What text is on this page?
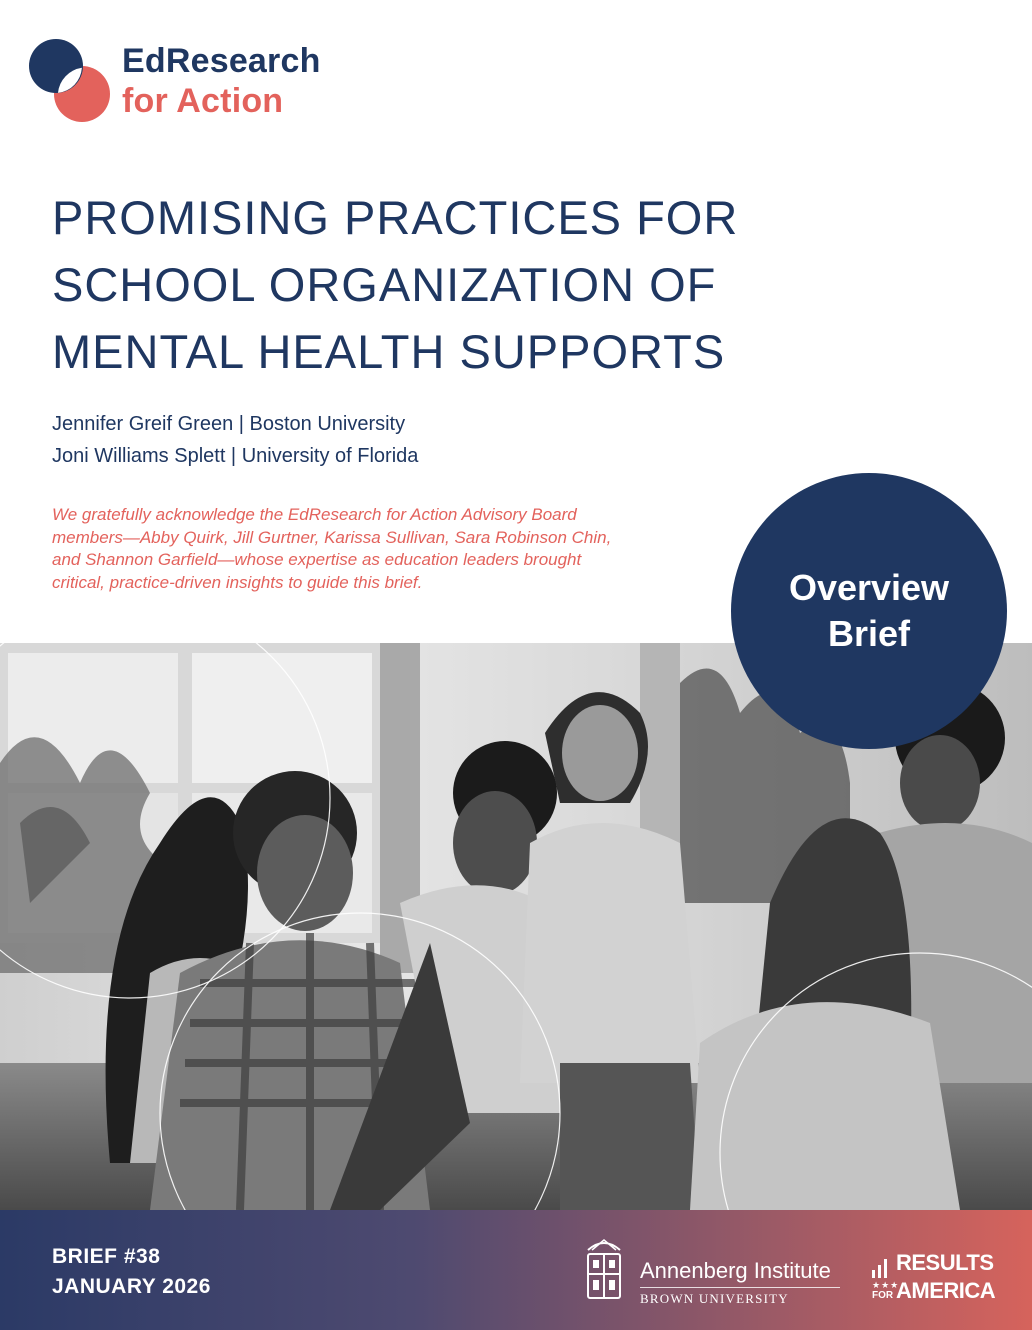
EdResearch
for Action
PROMISING PRACTICES FOR
SCHOOL ORGANIZATION OF
MENTAL HEALTH SUPPORTS
Jennifer Greif Green | Boston University
Joni Williams Splett | University of Florida

We gratefully acknowledge the EdResearch for Action Advisory Board
members—Abby Quirk, Jill Gurtner, Karissa Sullivan, Sara Robinson Chin,
and Shannon Garfield—whose expertise as education leaders brought
critical, practice-driven insights to guide this brief.	Overview
Brief
BRIEF #38
JANUARY 2026
Annenberg Institute
BROWN UNIVERSITY
RESULTS
★★★
FOR AMERICA
